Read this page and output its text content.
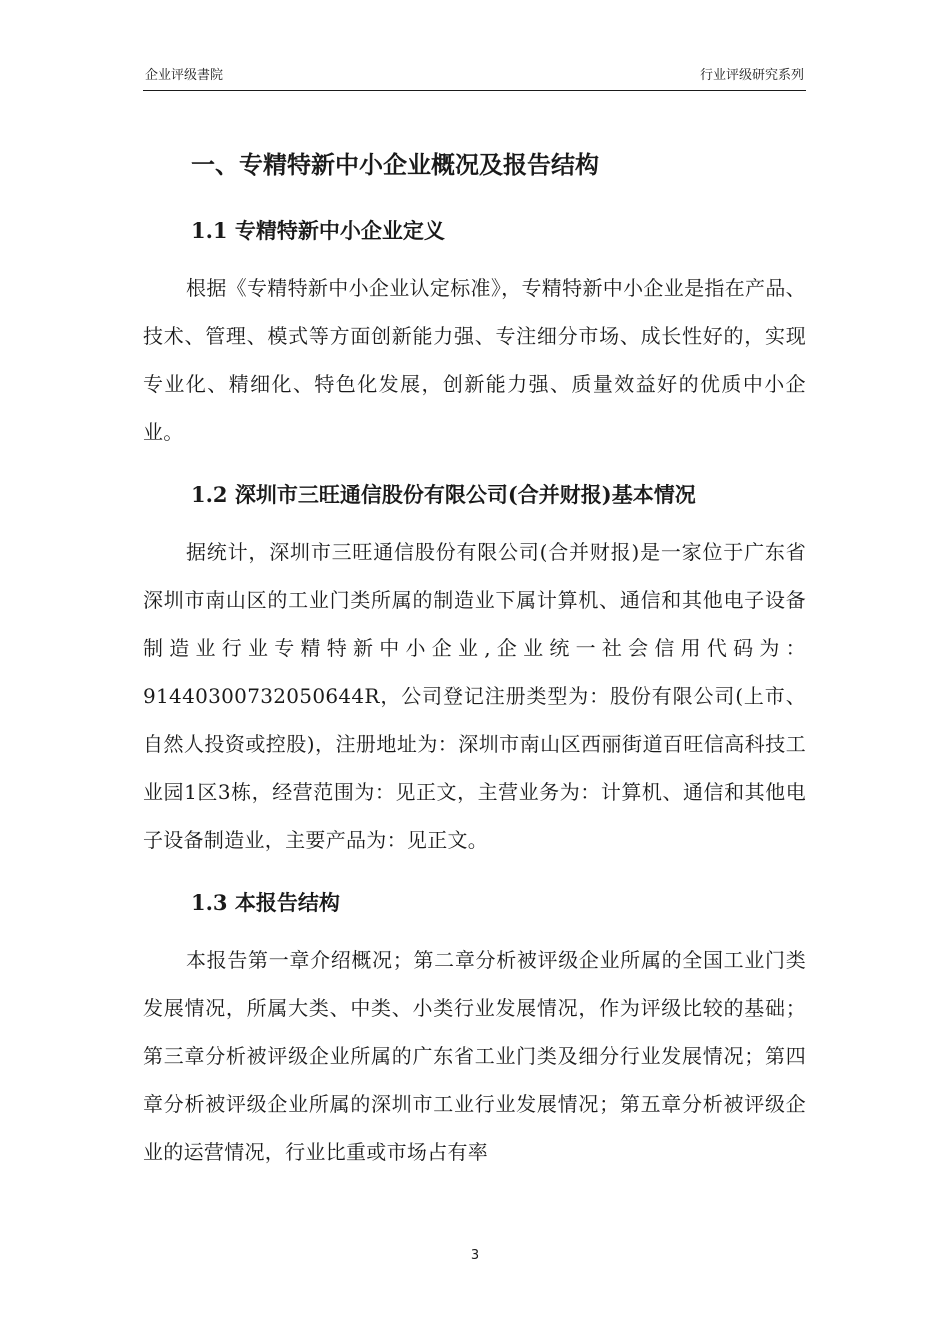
企业评级書院	行业评级研究系列
一、专精特新中小企业概况及报告结构
1.1 专精特新中小企业定义

根据《专精特新中小企业认定标准》，专精特新中小企业是指在产品、技术、管理、模式等方面创新能力强、专注细分市场、成长性好的，实现专业化、精细化、特色化发展，创新能力强、质量效益好的优质中小企业。

1.2 深圳市三旺通信股份有限公司(合并财报)基本情况

据统计，深圳市三旺通信股份有限公司(合并财报)是一家位于广东省深圳市南山区的工业门类所属的制造业下属计算机、通信和其他电子设备制造业行业专精特新中小企业,企业统一社会信用代码为：91440300732050644R，公司登记注册类型为：股份有限公司(上市、自然人投资或控股)，注册地址为：深圳市南山区西丽街道百旺信高科技工业园1区3栋，经营范围为：见正文，主营业务为：计算机、通信和其他电子设备制造业，主要产品为：见正文。

1.3 本报告结构

本报告第一章介绍概况；第二章分析被评级企业所属的全国工业门类发展情况，所属大类、中类、小类行业发展情况，作为评级比较的基础；第三章分析被评级企业所属的广东省工业门类及细分行业发展情况；第四章分析被评级企业所属的深圳市工业行业发展情况；第五章分析被评级企业的运营情况，行业比重或市场占有率

3
